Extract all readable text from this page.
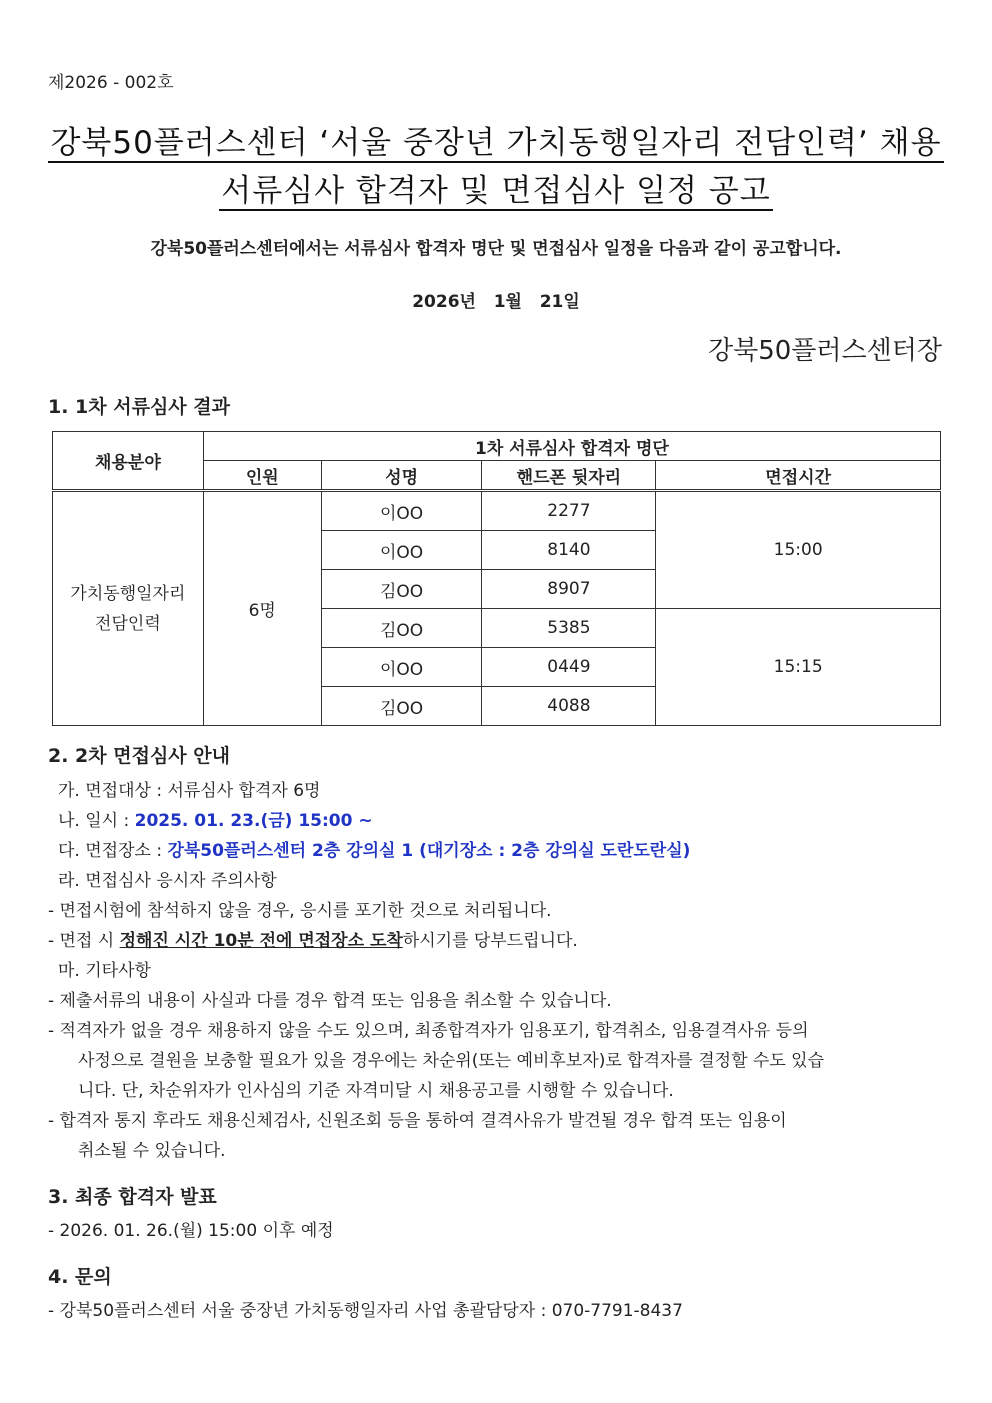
제2026 - 002호
강북50플러스센터 ‘서울 중장년 가치동행일자리 전담인력’ 채용
서류심사 합격자 및 면접심사 일정 공고
강북50플러스센터에서는 서류심사 합격자 명단 및 면접심사 일정을 다음과 같이 공고합니다.
2026년   1월   21일
강북50플러스센터장
1. 1차 서류심사 결과
채용분야	1차 서류심사 합격자 명단			
	인원	성명	핸드폰 뒷자리	면접시간
가치동행일자리
전담인력	6명	이OO	2277	15:00
		이OO	8140	
		김OO	8907	
		김OO	5385	15:15
		이OO	0449	
		김OO	4088	
2. 2차 면접심사 안내
가. 면접대상 : 서류심사 합격자 6명
나. 일시 : 2025. 01. 23.(금) 15:00 ~
다. 면접장소 : 강북50플러스센터 2층 강의실 1 (대기장소 : 2층 강의실 도란도란실)
라. 면접심사 응시자 주의사항
- 면접시험에 참석하지 않을 경우, 응시를 포기한 것으로 처리됩니다.
- 면접 시 정해진 시간 10분 전에 면접장소 도착하시기를 당부드립니다.
마. 기타사항
- 제출서류의 내용이 사실과 다를 경우 합격 또는 임용을 취소할 수 있습니다.
- 적격자가 없을 경우 채용하지 않을 수도 있으며, 최종합격자가 임용포기, 합격취소, 임용결격사유 등의
사정으로 결원을 보충할 필요가 있을 경우에는 차순위(또는 예비후보자)로 합격자를 결정할 수도 있습
니다. 단, 차순위자가 인사심의 기준 자격미달 시 채용공고를 시행할 수 있습니다.
- 합격자 통지 후라도 채용신체검사, 신원조회 등을 통하여 결격사유가 발견될 경우 합격 또는 임용이
취소될 수 있습니다.
3. 최종 합격자 발표
- 2026. 01. 26.(월) 15:00 이후 예정
4. 문의
- 강북50플러스센터 서울 중장년 가치동행일자리 사업 총괄담당자 : 070-7791-8437
